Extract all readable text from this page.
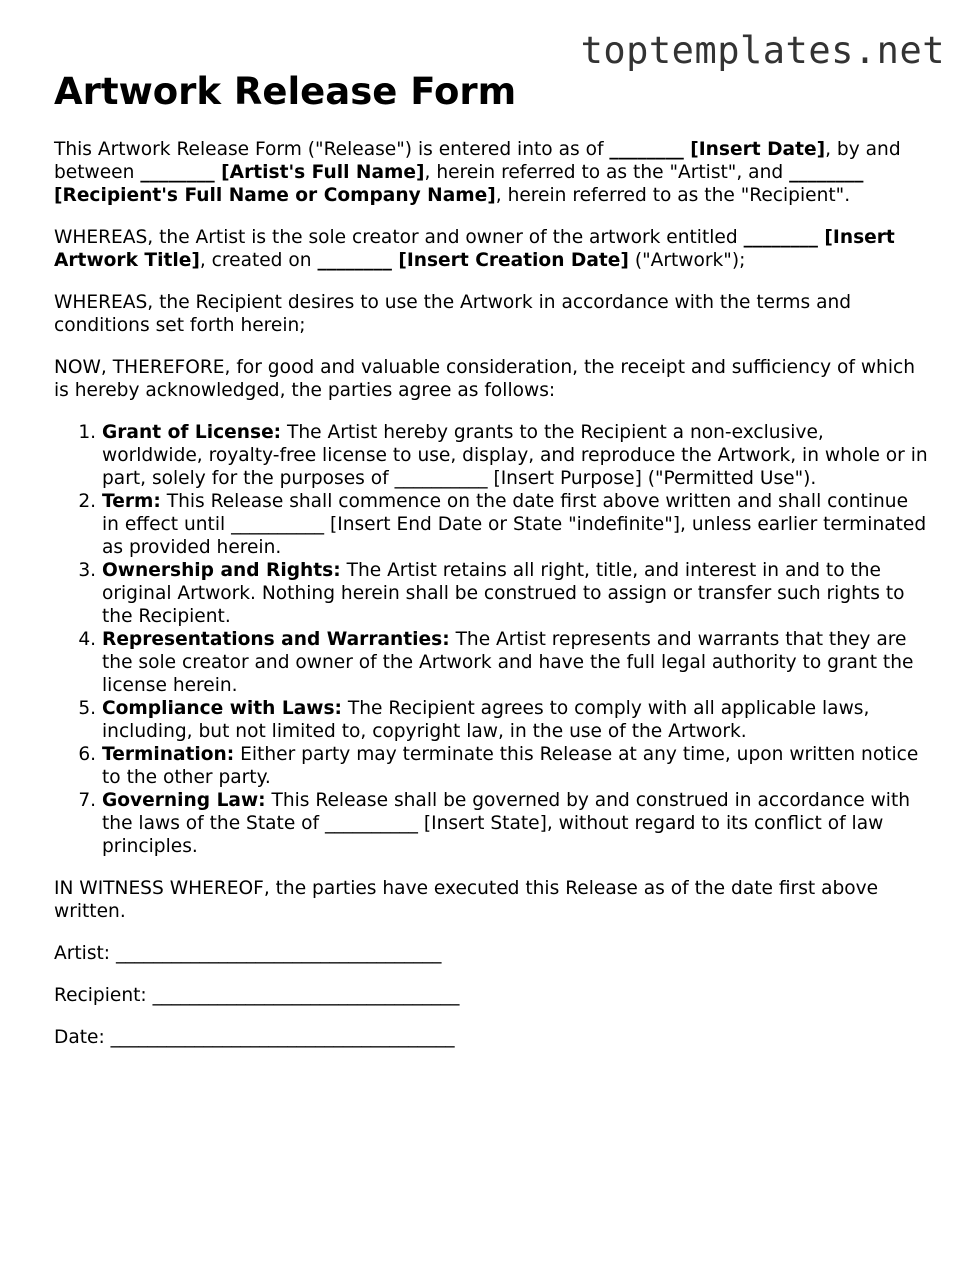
toptemplates.net
Artwork Release Form

This Artwork Release Form ("Release") is entered into as of ________ [Insert Date], by and between ________ [Artist's Full Name], herein referred to as the "Artist", and ________ [Recipient's Full Name or Company Name], herein referred to as the "Recipient".

WHEREAS, the Artist is the sole creator and owner of the artwork entitled ________ [Insert Artwork Title], created on ________ [Insert Creation Date] ("Artwork");

WHEREAS, the Recipient desires to use the Artwork in accordance with the terms and conditions set forth herein;

NOW, THEREFORE, for good and valuable consideration, the receipt and sufficiency of which is hereby acknowledged, the parties agree as follows:

1. Grant of License: The Artist hereby grants to the Recipient a non-exclusive, worldwide, royalty-free license to use, display, and reproduce the Artwork, in whole or in part, solely for the purposes of __________ [Insert Purpose] ("Permitted Use").
2. Term: This Release shall commence on the date first above written and shall continue in effect until __________ [Insert End Date or State "indefinite"], unless earlier terminated as provided herein.
3. Ownership and Rights: The Artist retains all right, title, and interest in and to the original Artwork. Nothing herein shall be construed to assign or transfer such rights to the Recipient.
4. Representations and Warranties: The Artist represents and warrants that they are the sole creator and owner of the Artwork and have the full legal authority to grant the license herein.
5. Compliance with Laws: The Recipient agrees to comply with all applicable laws, including, but not limited to, copyright law, in the use of the Artwork.
6. Termination: Either party may terminate this Release at any time, upon written notice to the other party.
7. Governing Law: This Release shall be governed by and construed in accordance with the laws of the State of __________ [Insert State], without regard to its conflict of law principles.

IN WITNESS WHEREOF, the parties have executed this Release as of the date first above written.

Artist: ___________________________________

Recipient: _________________________________

Date: _____________________________________
